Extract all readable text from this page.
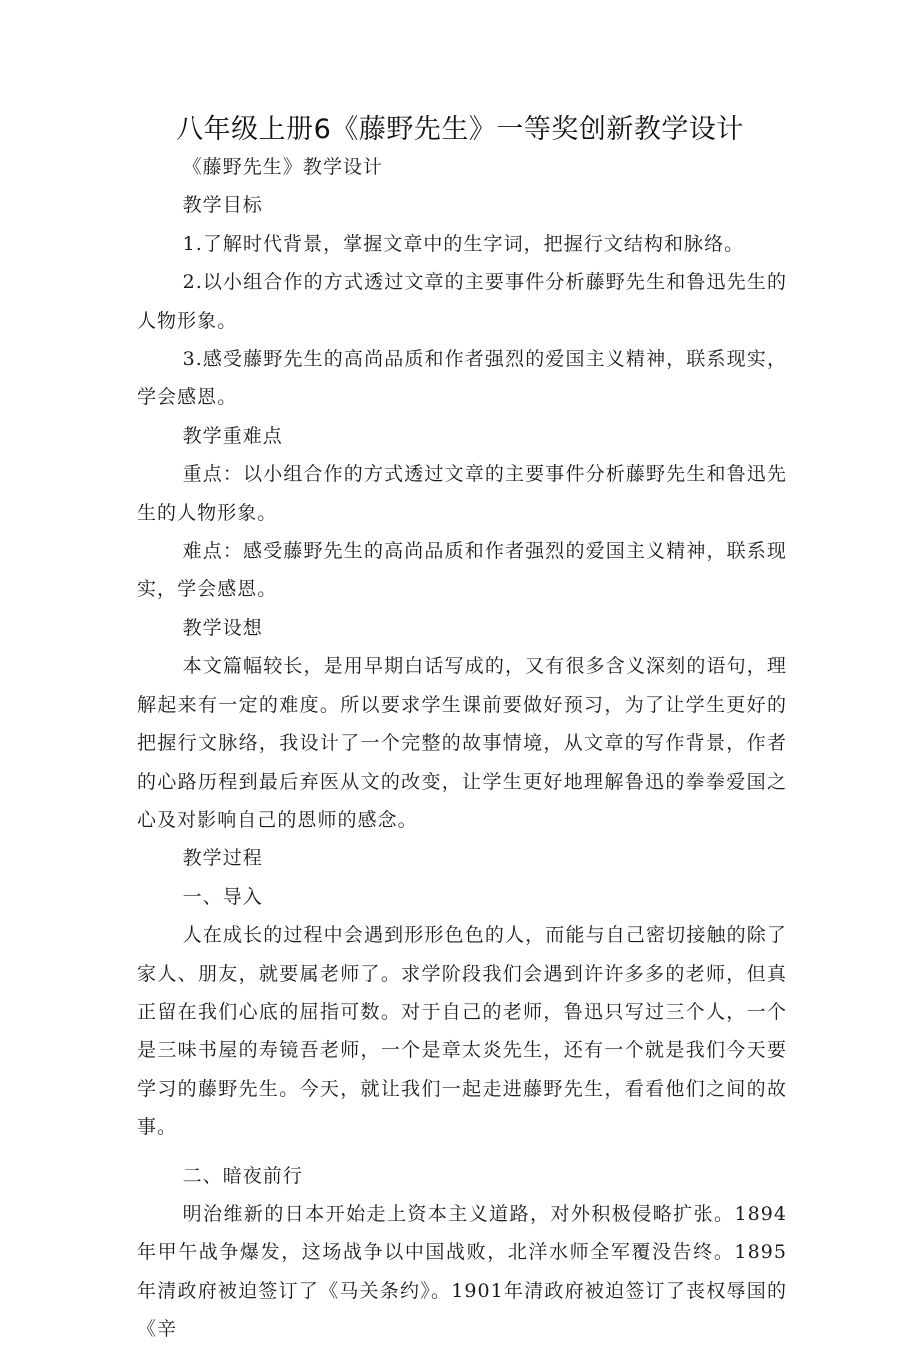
八年级上册6《藤野先生》一等奖创新教学设计

《藤野先生》教学设计

教学目标

1.了解时代背景，掌握文章中的生字词，把握行文结构和脉络。

2.以小组合作的方式透过文章的主要事件分析藤野先生和鲁迅先生的人物形象。

3.感受藤野先生的高尚品质和作者强烈的爱国主义精神，联系现实，学会感恩。

教学重难点

重点：以小组合作的方式透过文章的主要事件分析藤野先生和鲁迅先生的人物形象。

难点：感受藤野先生的高尚品质和作者强烈的爱国主义精神，联系现实，学会感恩。

教学设想

本文篇幅较长，是用早期白话写成的，又有很多含义深刻的语句，理解起来有一定的难度。所以要求学生课前要做好预习，为了让学生更好的把握行文脉络，我设计了一个完整的故事情境，从文章的写作背景，作者的心路历程到最后弃医从文的改变，让学生更好地理解鲁迅的拳拳爱国之心及对影响自己的恩师的感念。

教学过程

一、导入

人在成长的过程中会遇到形形色色的人，而能与自己密切接触的除了家人、朋友，就要属老师了。求学阶段我们会遇到许许多多的老师，但真正留在我们心底的屈指可数。对于自己的老师，鲁迅只写过三个人，一个是三味书屋的寿镜吾老师，一个是章太炎先生，还有一个就是我们今天要学习的藤野先生。今天，就让我们一起走进藤野先生，看看他们之间的故事。

二、暗夜前行

明治维新的日本开始走上资本主义道路，对外积极侵略扩张。1894年甲午战争爆发，这场战争以中国战败，北洋水师全军覆没告终。1895年清政府被迫签订了《马关条约》。1901年清政府被迫签订了丧权辱国的《辛
